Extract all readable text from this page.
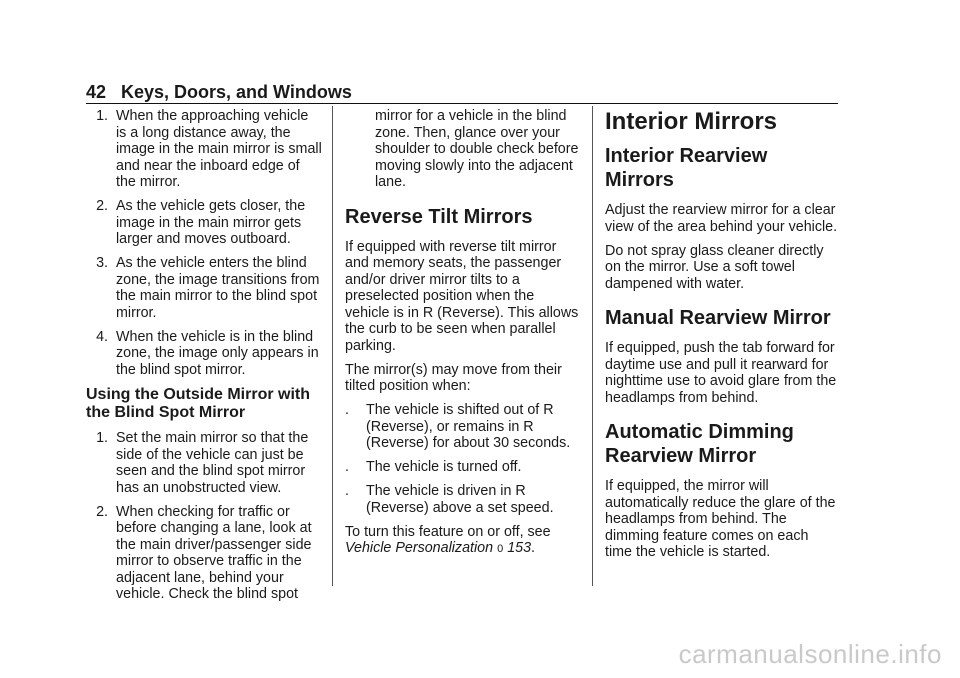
42 Keys, Doors, and Windows
1. When the approaching vehicle is a long distance away, the image in the main mirror is small and near the inboard edge of the mirror.
2. As the vehicle gets closer, the image in the main mirror gets larger and moves outboard.
3. As the vehicle enters the blind zone, the image transitions from the main mirror to the blind spot mirror.
4. When the vehicle is in the blind zone, the image only appears in the blind spot mirror.
Using the Outside Mirror with the Blind Spot Mirror
1. Set the main mirror so that the side of the vehicle can just be seen and the blind spot mirror has an unobstructed view.
2. When checking for traffic or before changing a lane, look at the main driver/passenger side mirror to observe traffic in the adjacent lane, behind your vehicle. Check the blind spot
mirror for a vehicle in the blind zone. Then, glance over your shoulder to double check before moving slowly into the adjacent lane.
Reverse Tilt Mirrors

If equipped with reverse tilt mirror and memory seats, the passenger and/or driver mirror tilts to a preselected position when the vehicle is in R (Reverse). This allows the curb to be seen when parallel parking.

The mirror(s) may move from their tilted position when:

. The vehicle is shifted out of R (Reverse), or remains in R (Reverse) for about 30 seconds.
. The vehicle is turned off.
. The vehicle is driven in R (Reverse) above a set speed.

To turn this feature on or off, see
Vehicle Personalization 0 153.

Interior Mirrors
Interior Rearview Mirrors

Adjust the rearview mirror for a clear view of the area behind your vehicle.

Do not spray glass cleaner directly on the mirror. Use a soft towel dampened with water.

Manual Rearview Mirror

If equipped, push the tab forward for daytime use and pull it rearward for nighttime use to avoid glare from the headlamps from behind.

Automatic Dimming Rearview Mirror

If equipped, the mirror will automatically reduce the glare of the headlamps from behind. The dimming feature comes on each time the vehicle is started.

carmanualsonline.info
